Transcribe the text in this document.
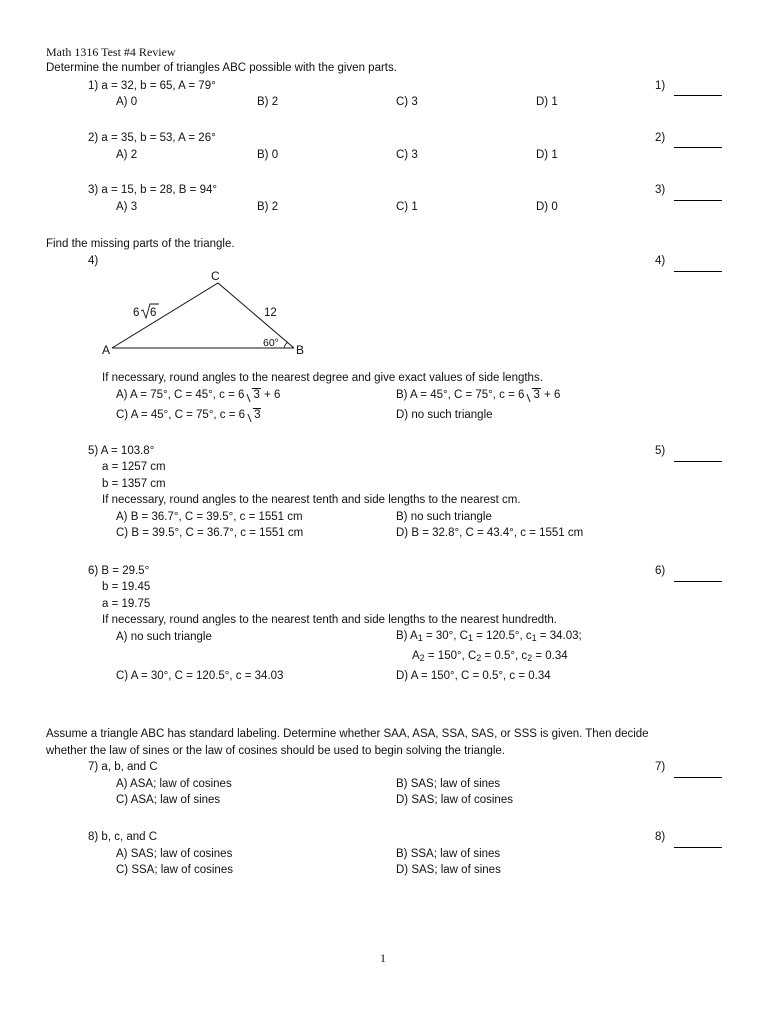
Math 1316 Test #4 Review
Determine the number of triangles ABC possible with the given parts.
1) a = 32, b = 65, A = 79°	1)
A) 0	B) 2	C) 3	D) 1
2) a = 35, b = 53, A = 26°	2)
A) 2	B) 0	C) 3	D) 1
3) a = 15, b = 28, B = 94°	3)
A) 3	B) 2	C) 1	D) 0
Find the missing parts of the triangle.
4)	4)
A	B
C
6 6	12
60°
If necessary, round angles to the nearest degree and give exact values of side lengths.
A) A = 75°, C = 45°, c = 6 3 + 6	B) A = 45°, C = 75°, c = 6 3 + 6
C) A = 45°, C = 75°, c = 6 3	D) no such triangle
5) A = 103.8°	5)
a = 1257 cm
b = 1357 cm
If necessary, round angles to the nearest tenth and side lengths to the nearest cm.
A) B = 36.7°, C = 39.5°, c = 1551 cm	B) no such triangle
C) B = 39.5°, C = 36.7°, c = 1551 cm	D) B = 32.8°, C = 43.4°, c = 1551 cm
6) B = 29.5°	6)
b = 19.45
a = 19.75
If necessary, round angles to the nearest tenth and side lengths to the nearest hundredth.
A) no such triangle	B) A1 = 30°, C1 = 120.5°, c1 = 34.03;
A2 = 150°, C2 = 0.5°, c2 = 0.34
C) A = 30°, C = 120.5°, c = 34.03	D) A = 150°, C = 0.5°, c = 0.34
Assume a triangle ABC has standard labeling. Determine whether SAA, ASA, SSA, SAS, or SSS is given. Then decide
whether the law of sines or the law of cosines should be used to begin solving the triangle.
7) a, b, and C	7)
A) ASA; law of cosines	B) SAS; law of sines
C) ASA; law of sines	D) SAS; law of cosines
8) b, c, and C	8)
A) SAS; law of cosines	B) SSA; law of sines
C) SSA; law of cosines	D) SAS; law of sines
1
